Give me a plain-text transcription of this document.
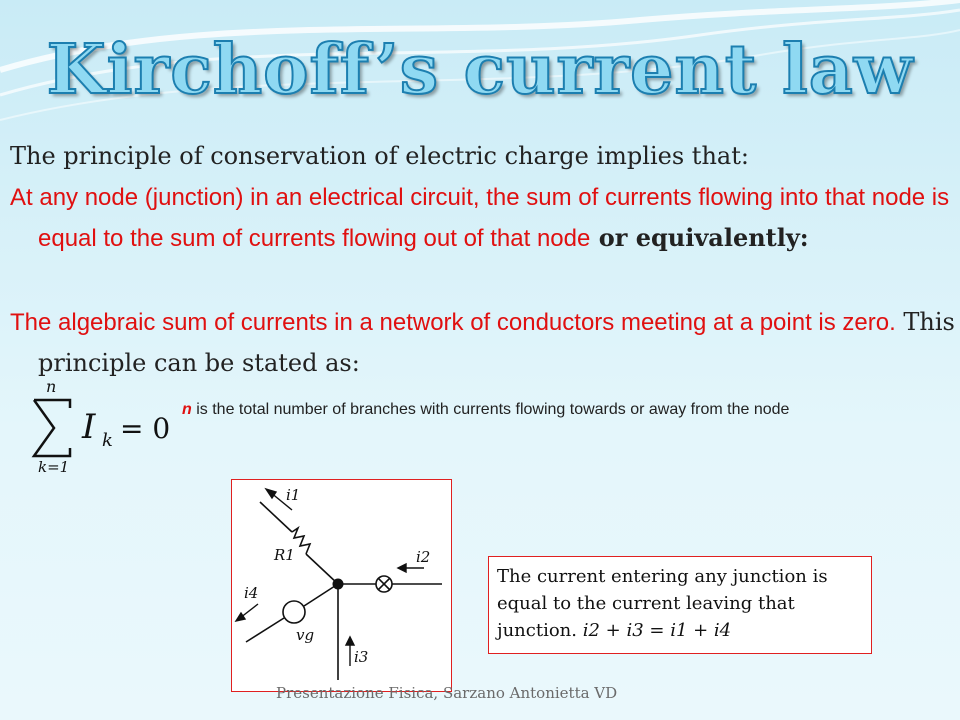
Kirchoff’s current law

The principle of conservation of electric charge implies that:

At any node (junction) in an electrical circuit, the sum of currents flowing into that node is equal to the sum of currents flowing out of that node or equivalently:

The algebraic sum of currents in a network of conductors meeting at a point is zero. This principle can be stated as:

n
k=1
I k = 0
n is the total number of branches with currents flowing towards or away from the node
i1
i2
i3
i4
R1
vg
The current entering any junction is equal to the current leaving that junction. i2 + i3 = i1 + i4
Presentazione Fisica, Sarzano Antonietta VD
